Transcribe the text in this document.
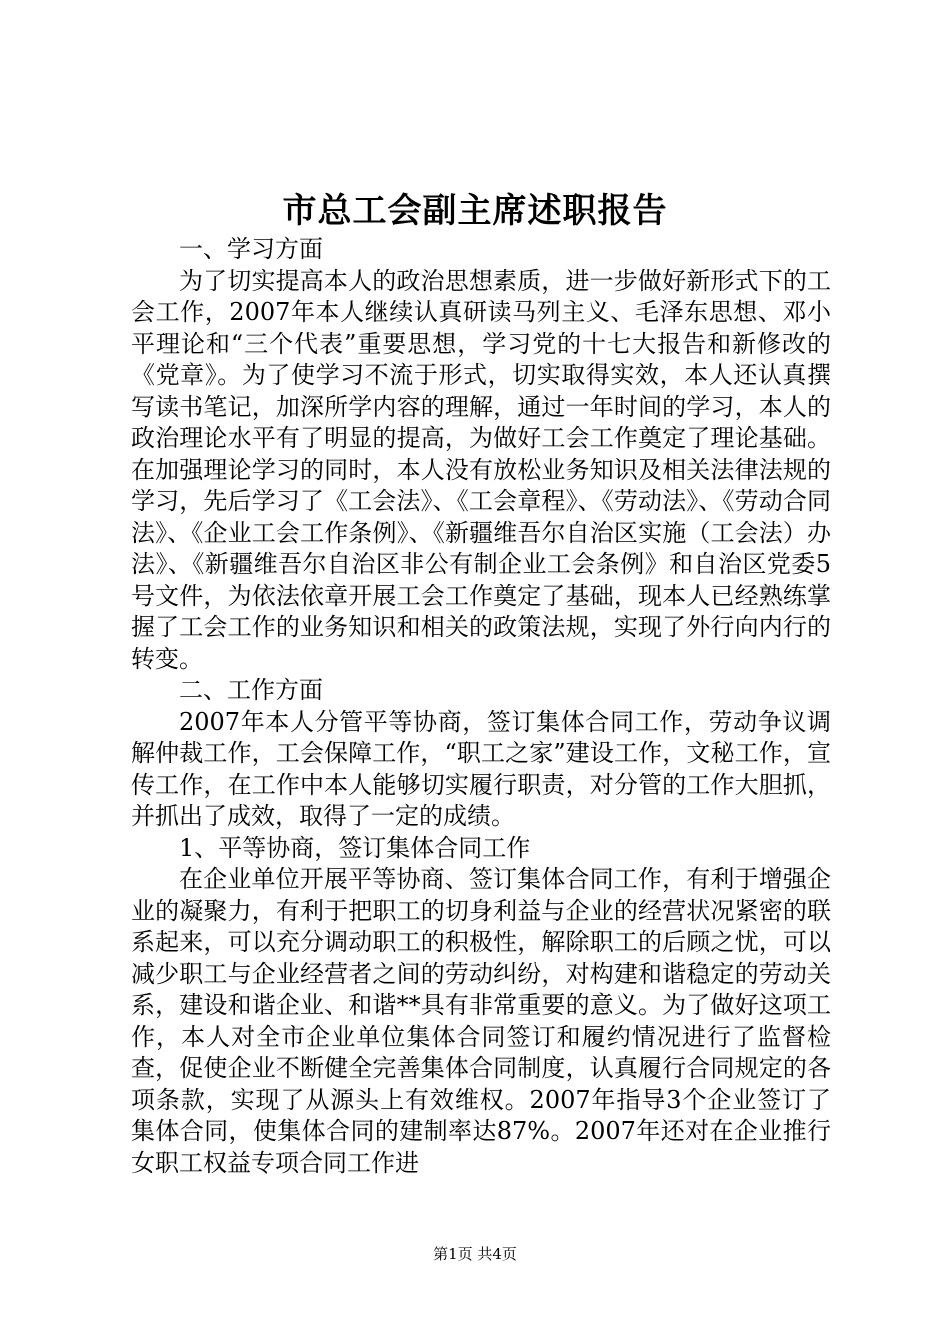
市总工会副主席述职报告

一、学习方面

为了切实提高本人的政治思想素质，进一步做好新形式下的工会工作，2007年本人继续认真研读马列主义、毛泽东思想、邓小平理论和“三个代表”重要思想，学习党的十七大报告和新修改的《党章》。为了使学习不流于形式，切实取得实效，本人还认真撰写读书笔记，加深所学内容的理解，通过一年时间的学习，本人的政治理论水平有了明显的提高，为做好工会工作奠定了理论基础。在加强理论学习的同时，本人没有放松业务知识及相关法律法规的学习，先后学习了《工会法》、《工会章程》、《劳动法》、《劳动合同法》、《企业工会工作条例》、《新疆维吾尔自治区实施（工会法）办法》、《新疆维吾尔自治区非公有制企业工会条例》和自治区党委5号文件，为依法依章开展工会工作奠定了基础，现本人已经熟练掌握了工会工作的业务知识和相关的政策法规，实现了外行向内行的转变。

二、工作方面

2007年本人分管平等协商，签订集体合同工作，劳动争议调解仲裁工作，工会保障工作，“职工之家”建设工作，文秘工作，宣传工作，在工作中本人能够切实履行职责，对分管的工作大胆抓，并抓出了成效，取得了一定的成绩。

1、平等协商，签订集体合同工作

在企业单位开展平等协商、签订集体合同工作，有利于增强企业的凝聚力，有利于把职工的切身利益与企业的经营状况紧密的联系起来，可以充分调动职工的积极性，解除职工的后顾之忧，可以减少职工与企业经营者之间的劳动纠纷，对构建和谐稳定的劳动关系，建设和谐企业、和谐**具有非常重要的意义。为了做好这项工作，本人对全市企业单位集体合同签订和履约情况进行了监督检查，促使企业不断健全完善集体合同制度，认真履行合同规定的各项条款，实现了从源头上有效维权。2007年指导3个企业签订了集体合同，使集体合同的建制率达87%。2007年还对在企业推行女职工权益专项合同工作进

第1页 共4页
